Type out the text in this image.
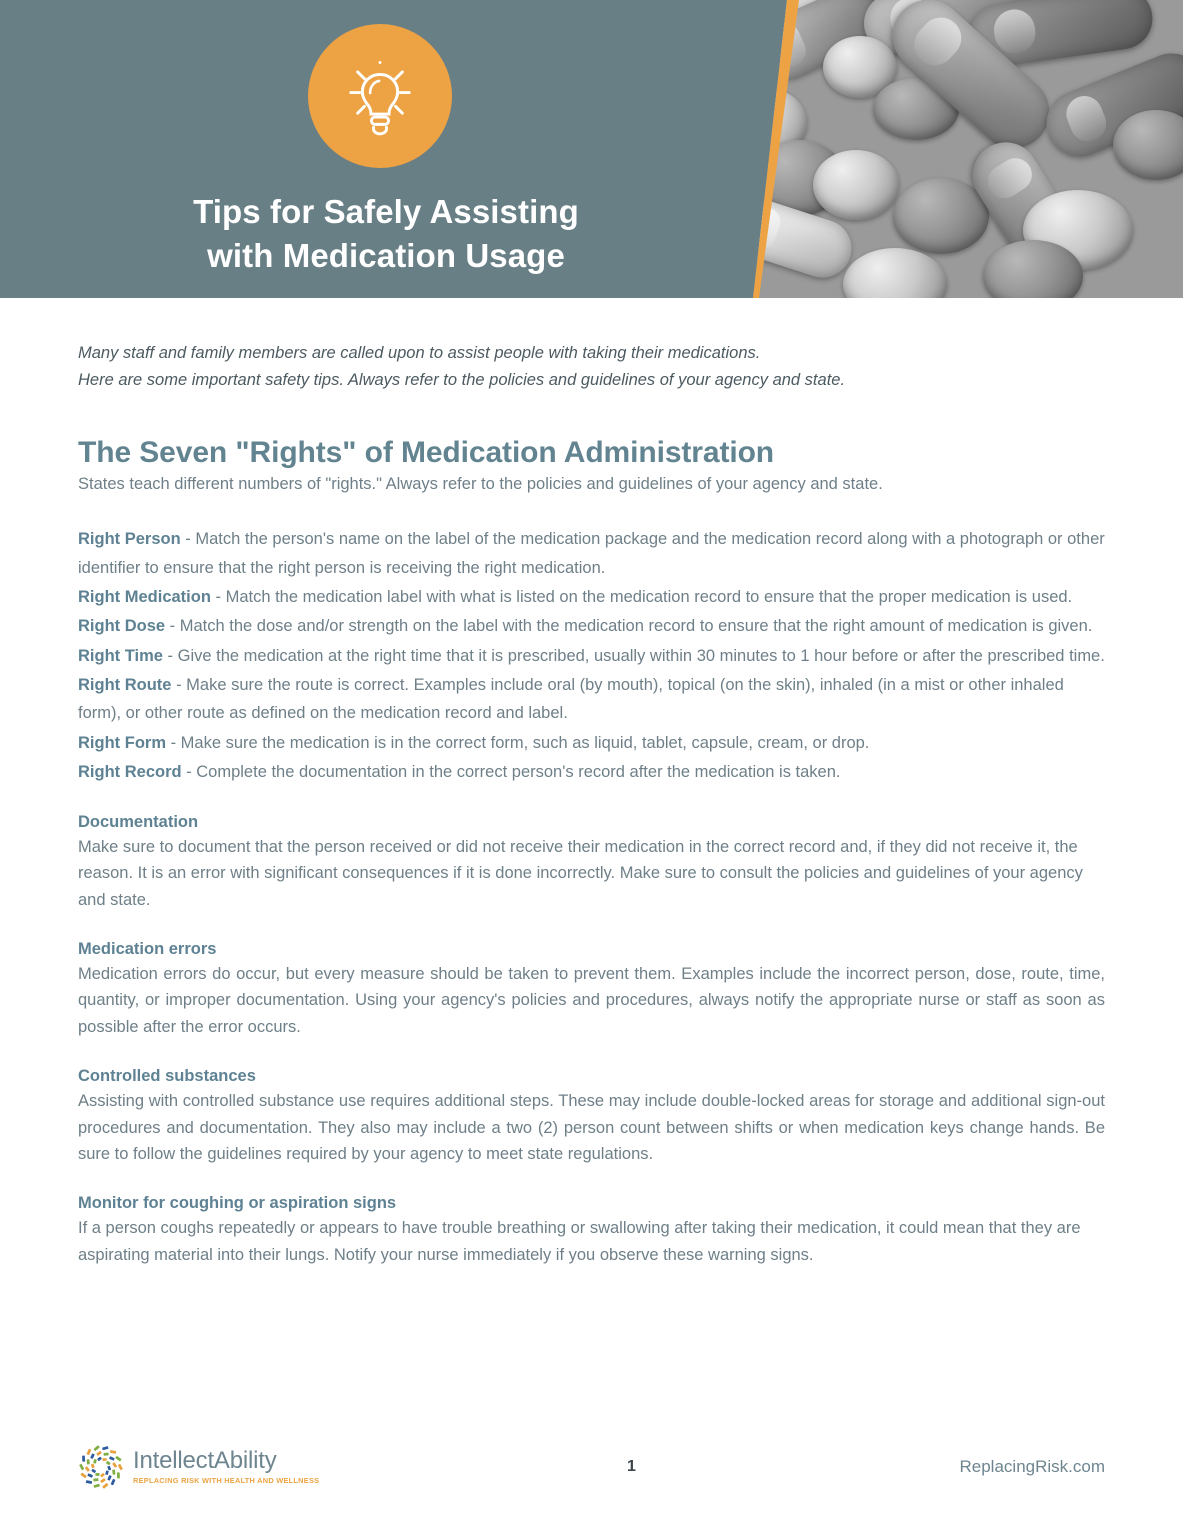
Tips for Safely Assisting
with Medication Usage
Many staff and family members are called upon to assist people with taking their medications.
Here are some important safety tips. Always refer to the policies and guidelines of your agency and state.
The Seven "Rights" of Medication Administration
States teach different numbers of "rights." Always refer to the policies and guidelines of your agency and state.

Right Person - Match the person's name on the label of the medication package and the medication record along with a photograph or other identifier to ensure that the right person is receiving the right medication.

Right Medication - Match the medication label with what is listed on the medication record to ensure that the proper medication is used.

Right Dose - Match the dose and/or strength on the label with the medication record to ensure that the right amount of medication is given.

Right Time - Give the medication at the right time that it is prescribed, usually within 30 minutes to 1 hour before or after the prescribed time.

Right Route - Make sure the route is correct. Examples include oral (by mouth), topical (on the skin), inhaled (in a mist or other inhaled form), or other route as defined on the medication record and label.

Right Form - Make sure the medication is in the correct form, such as liquid, tablet, capsule, cream, or drop.

Right Record - Complete the documentation in the correct person's record after the medication is taken.

Documentation
Make sure to document that the person received or did not receive their medication in the correct record and, if they did not receive it, the reason. It is an error with significant consequences if it is done incorrectly. Make sure to consult the policies and guidelines of your agency and state.
Medication errors
Medication errors do occur, but every measure should be taken to prevent them. Examples include the incorrect person, dose, route, time, quantity, or improper documentation. Using your agency's policies and procedures, always notify the appropriate nurse or staff as soon as possible after the error occurs.
Controlled substances
Assisting with controlled substance use requires additional steps. These may include double-locked areas for storage and additional sign-out procedures and documentation. They also may include a two (2) person count between shifts or when medication keys change hands. Be sure to follow the guidelines required by your agency to meet state regulations.
Monitor for coughing or aspiration signs
If a person coughs repeatedly or appears to have trouble breathing or swallowing after taking their medication, it could mean that they are aspirating material into their lungs. Notify your nurse immediately if you observe these warning signs.
IntellectAbility
REPLACING RISK WITH HEALTH AND WELLNESS
1	ReplacingRisk.com
